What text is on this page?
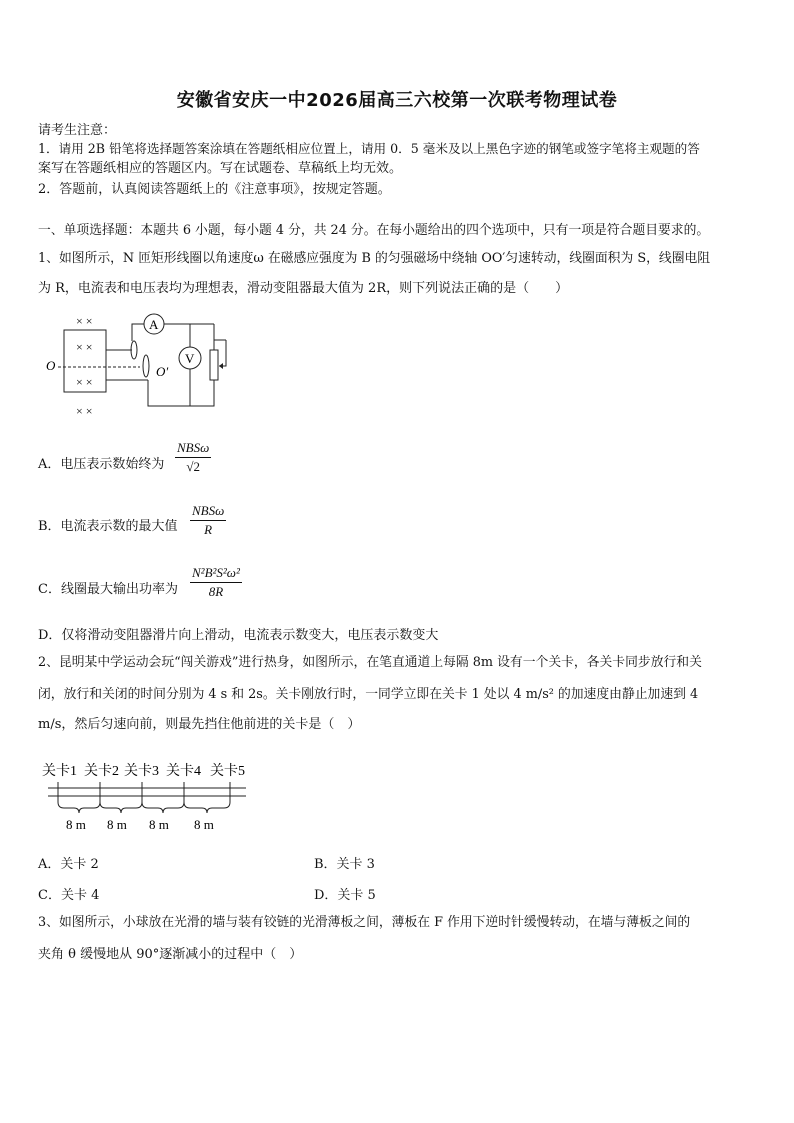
安徽省安庆一中2026届高三六校第一次联考物理试卷
请考生注意：
1．请用 2B 铅笔将选择题答案涂填在答题纸相应位置上，请用 0．5 毫米及以上黑色字迹的钢笔或签字笔将主观题的答
案写在答题纸相应的答题区内。写在试题卷、草稿纸上均无效。
2．答题前，认真阅读答题纸上的《注意事项》，按规定答题。
一、单项选择题：本题共 6 小题，每小题 4 分，共 24 分。在每小题给出的四个选项中，只有一项是符合题目要求的。
1、如图所示，N 匝矩形线圈以角速度ω 在磁感应强度为 B 的匀强磁场中绕轴 OO′匀速转动，线圈面积为 S，线圈电阻
为 R，电流表和电压表均为理想表，滑动变阻器最大值为 2R，则下列说法正确的是（　　）
O	O′
× ×
× ×
× ×
× ×
A
V
A．电压表示数始终为
NBSω
√2
B．电流表示数的最大值
NBSω
R
C．线圈最大输出功率为
N²B²S²ω²
8R
D．仅将滑动变阻器滑片向上滑动，电流表示数变大，电压表示数变大
2、昆明某中学运动会玩“闯关游戏”进行热身，如图所示，在笔直通道上每隔 8m 设有一个关卡，各关卡同步放行和关
闭，放行和关闭的时间分别为 4 s 和 2s。关卡刚放行时，一同学立即在关卡 1 处以 4 m/s² 的加速度由静止加速到 4
m/s，然后匀速向前，则最先挡住他前进的关卡是（　）
关卡1 关卡2 关卡3 关卡4 关卡5
8 m 8 m 8 m 8 m
A．关卡 2	B．关卡 3
C．关卡 4	D．关卡 5
3、如图所示，小球放在光滑的墙与装有铰链的光滑薄板之间，薄板在 F 作用下逆时针缓慢转动，在墙与薄板之间的
夹角 θ 缓慢地从 90°逐渐减小的过程中（　）
